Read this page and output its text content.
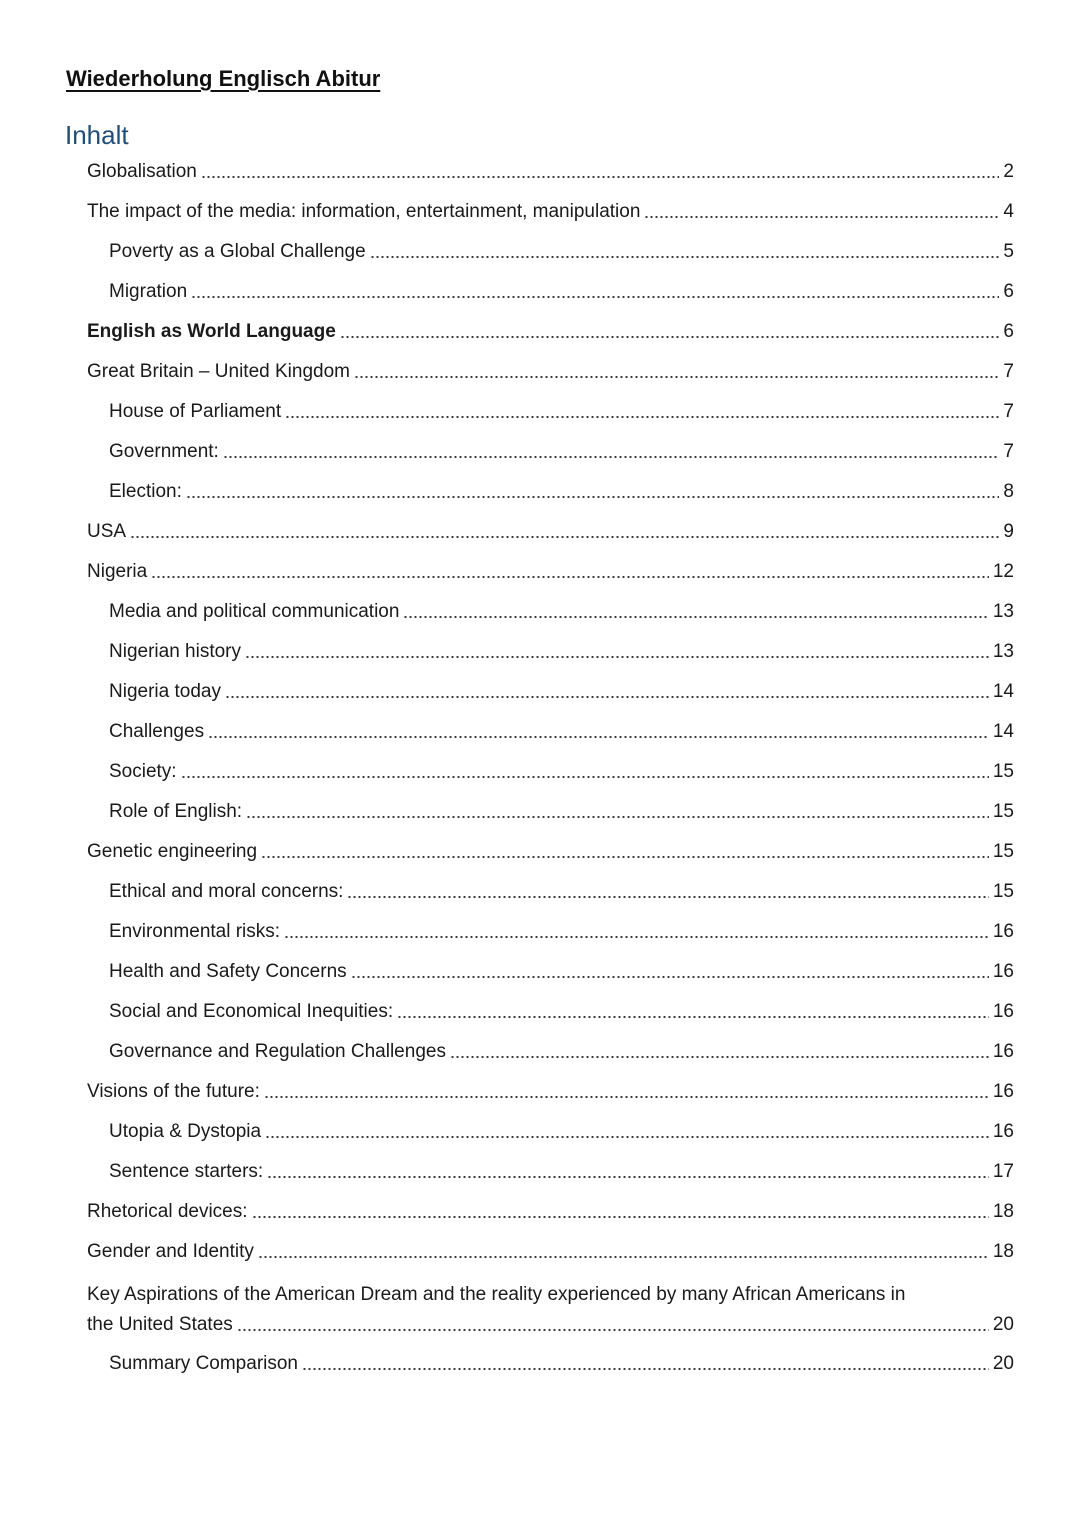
Wiederholung Englisch Abitur
Inhalt
Globalisation	2
The impact of the media: information, entertainment, manipulation	4
Poverty as a Global Challenge	5
Migration	6
English as World Language	6
Great Britain – United Kingdom	7
House of Parliament	7
Government:	7
Election:	8
USA	9
Nigeria	12
Media and political communication	13
Nigerian history	13
Nigeria today	14
Challenges	14
Society:	15
Role of English:	15
Genetic engineering	15
Ethical and moral concerns:	15
Environmental risks:	16
Health and Safety Concerns	16
Social and Economical Inequities:	16
Governance and Regulation Challenges	16
Visions of the future:	16
Utopia & Dystopia	16
Sentence starters:	17
Rhetorical devices:	18
Gender and Identity	18
Key Aspirations of the American Dream and the reality experienced by many African Americans in
the United States	20
Summary Comparison	20
